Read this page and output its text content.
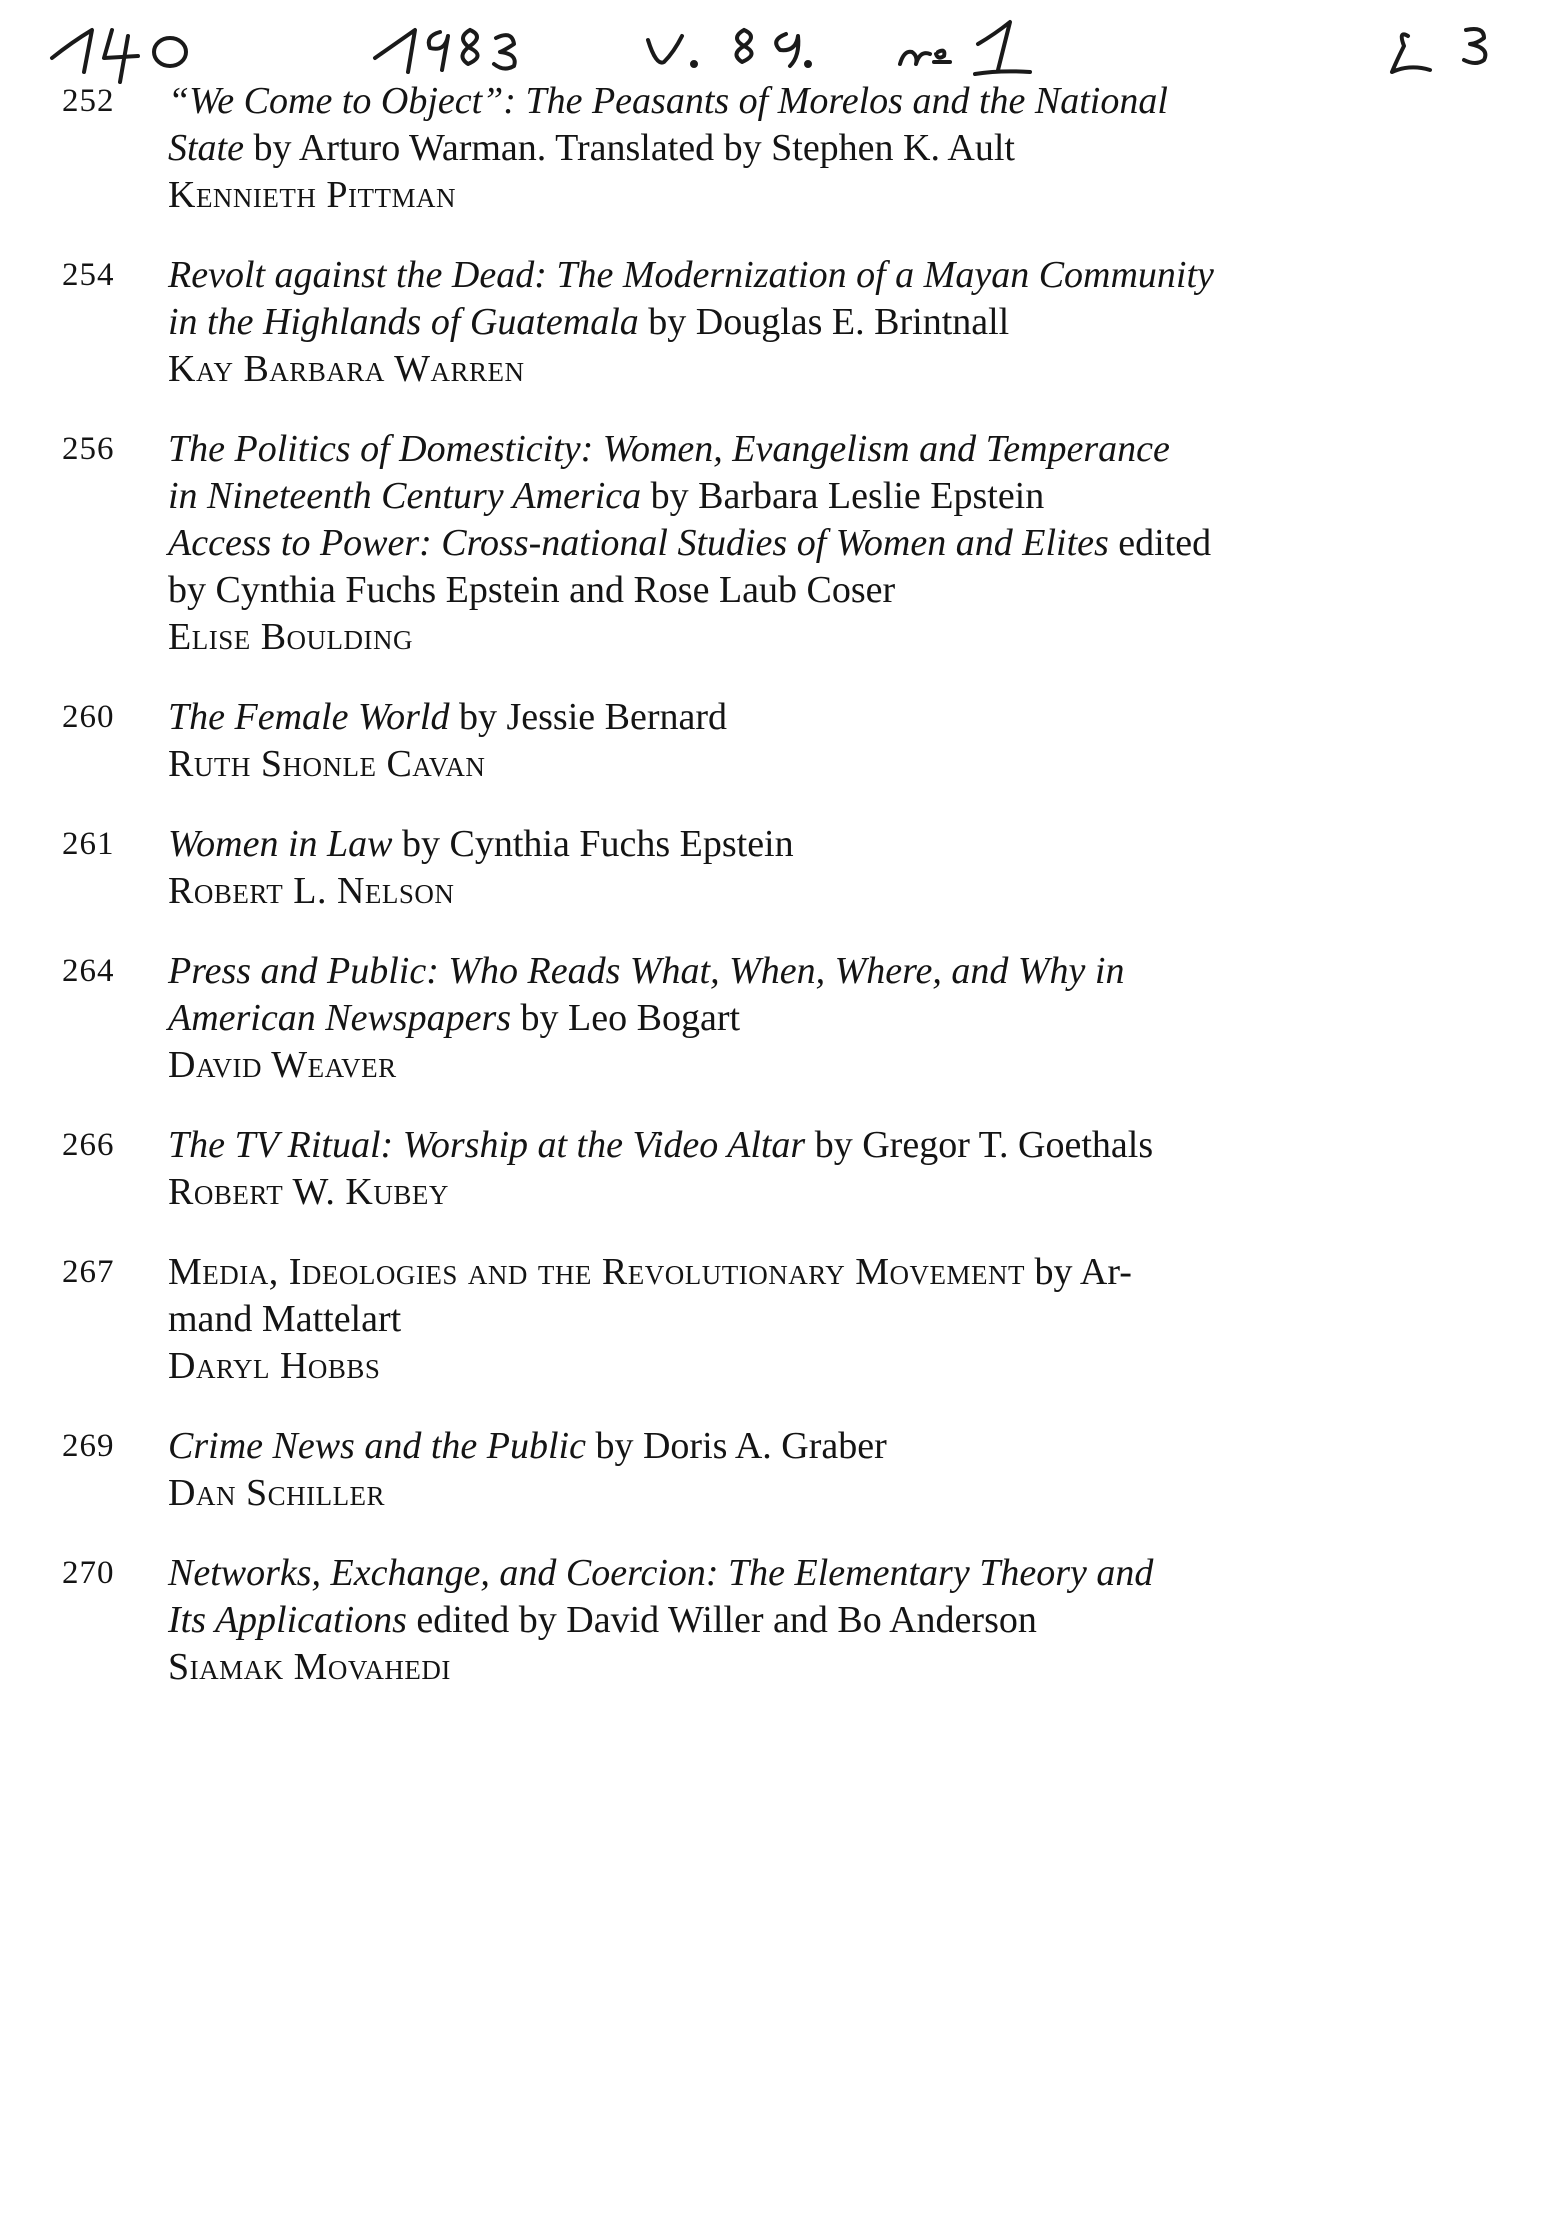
252 “We Come to Object”: The Peasants of Morelos and the National
State by Arturo Warman. Translated by Stephen K. Ault
Kennieth Pittman
254 Revolt against the Dead: The Modernization of a Mayan Community
in the Highlands of Guatemala by Douglas E. Brintnall
Kay Barbara Warren
256 The Politics of Domesticity: Women, Evangelism and Temperance
in Nineteenth Century America by Barbara Leslie Epstein
Access to Power: Cross-national Studies of Women and Elites edited
by Cynthia Fuchs Epstein and Rose Laub Coser
Elise Boulding
260 The Female World by Jessie Bernard
Ruth Shonle Cavan
261 Women in Law by Cynthia Fuchs Epstein
Robert L. Nelson
264 Press and Public: Who Reads What, When, Where, and Why in
American Newspapers by Leo Bogart
David Weaver
266 The TV Ritual: Worship at the Video Altar by Gregor T. Goethals
Robert W. Kubey
267 Media, Ideologies and the Revolutionary Movement by Ar-
mand Mattelart
Daryl Hobbs
269 Crime News and the Public by Doris A. Graber
Dan Schiller
270 Networks, Exchange, and Coercion: The Elementary Theory and
Its Applications edited by David Willer and Bo Anderson
Siamak Movahedi
